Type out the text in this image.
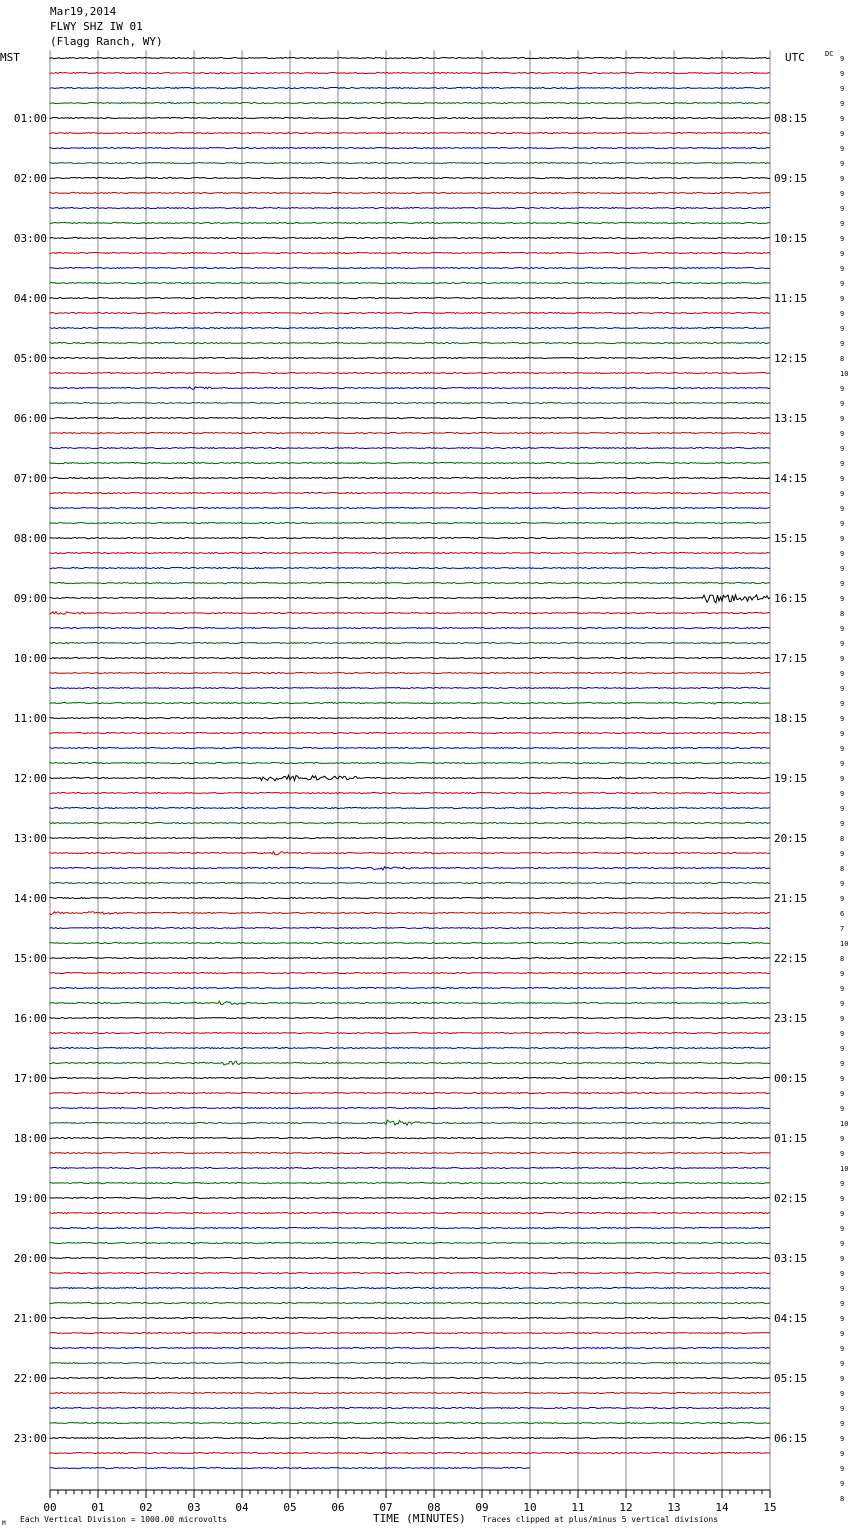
01:00
02:00
03:00
04:00
05:00
06:00
07:00
08:00
09:00
10:00
11:00
12:00
13:00
14:00
15:00
16:00
17:00
18:00
19:00
20:00
21:00
22:00
23:00
08:15
09:15
10:15
11:15
12:15
13:15
14:15
15:15
16:15
17:15
18:15
19:15
20:15
21:15
22:15
23:15
00:15
01:15
02:15
03:15
04:15
05:15
06:15
9
9
9
9
9
9
9
9
9
9
9
9
9
9
9
9
9
9
9
9
8
10
9
9
9
9
9
9
9
9
9
9
9
9
9
9
9
8
9
9
9
9
9
9
9
9
9
9
9
9
9
9
8
9
8
9
9
6
7
10
8
9
9
9
9
9
9
9
9
9
9
10
9
9
10
9
9
9
9
9
9
9
9
9
9
9
9
9
9
9
9
9
9
9
9
9
8
00	01	02	03	04	05	06	07	08	09	10	11	12	13	14	15
MST	UTC	DC
TIME (MINUTES)
M Each Vertical Division = 1000.00 microvolts	Traces clipped at plus/minus 5 vertical divisions
Mar19,2014
FLWY SHZ IW 01
(Flagg Ranch, WY)
